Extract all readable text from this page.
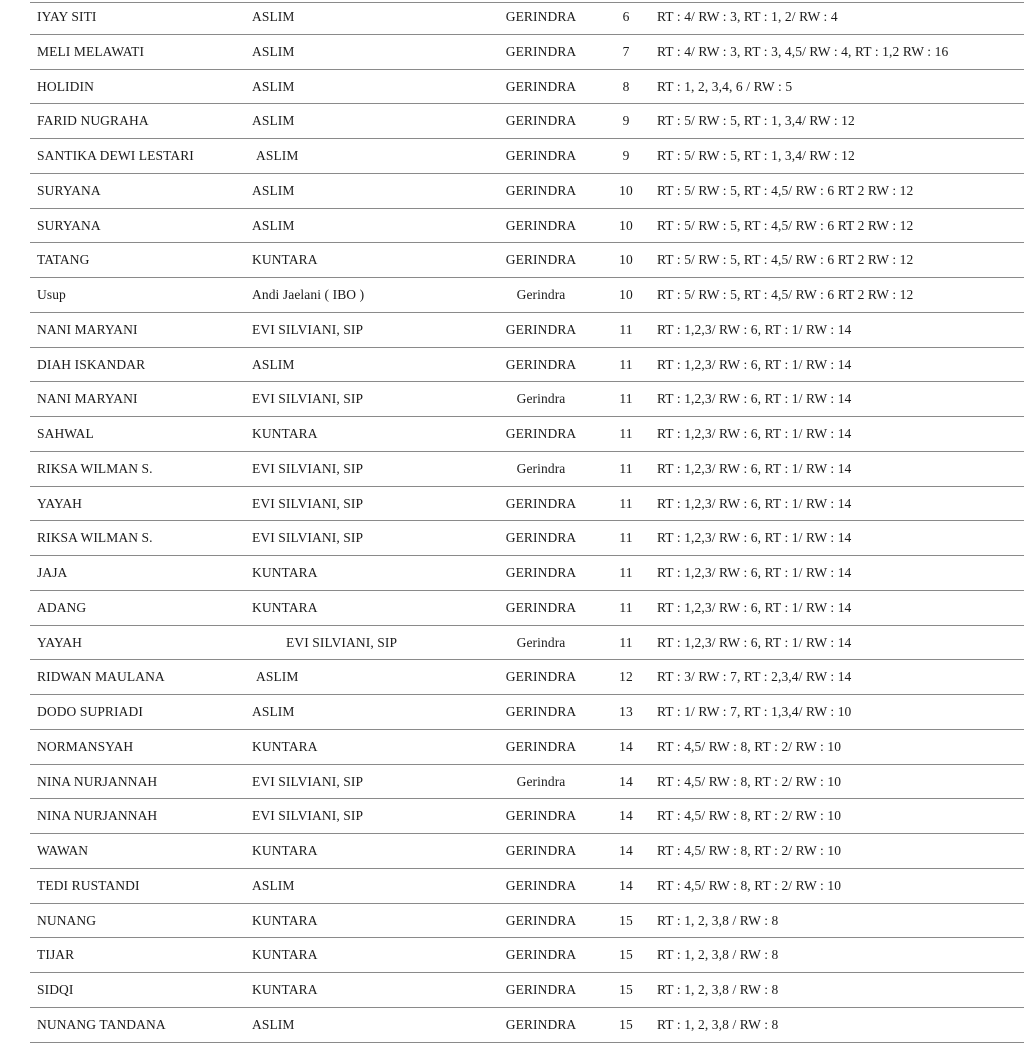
IYAY SITI	ASLIM	GERINDRA	6	RT : 4/ RW : 3, RT : 1, 2/ RW : 4
MELI MELAWATI	ASLIM	GERINDRA	7	RT : 4/ RW : 3, RT : 3, 4,5/ RW : 4, RT : 1,2 RW : 16
HOLIDIN	ASLIM	GERINDRA	8	RT : 1, 2, 3,4, 6 / RW : 5
FARID NUGRAHA	ASLIM	GERINDRA	9	RT : 5/ RW : 5, RT : 1, 3,4/ RW : 12
SANTIKA DEWI LESTARI	ASLIM	GERINDRA	9	RT : 5/ RW : 5, RT : 1, 3,4/ RW : 12
SURYANA	ASLIM	GERINDRA	10 RT : 5/ RW : 5, RT : 4,5/ RW : 6 RT 2 RW : 12
SURYANA	ASLIM	GERINDRA	10 RT : 5/ RW : 5, RT : 4,5/ RW : 6 RT 2 RW : 12
TATANG	KUNTARA	GERINDRA	10 RT : 5/ RW : 5, RT : 4,5/ RW : 6 RT 2 RW : 12
Usup	Andi Jaelani ( IBO )	Gerindra	10 RT : 5/ RW : 5, RT : 4,5/ RW : 6 RT 2 RW : 12
NANI MARYANI	EVI SILVIANI, SIP	GERINDRA	11 RT : 1,2,3/ RW : 6, RT : 1/ RW : 14
DIAH ISKANDAR	ASLIM	GERINDRA	11 RT : 1,2,3/ RW : 6, RT : 1/ RW : 14
NANI MARYANI	EVI SILVIANI, SIP	Gerindra	11 RT : 1,2,3/ RW : 6, RT : 1/ RW : 14
SAHWAL	KUNTARA	GERINDRA	11 RT : 1,2,3/ RW : 6, RT : 1/ RW : 14
RIKSA WILMAN S.	EVI SILVIANI, SIP	Gerindra	11 RT : 1,2,3/ RW : 6, RT : 1/ RW : 14
YAYAH	EVI SILVIANI, SIP	GERINDRA	11 RT : 1,2,3/ RW : 6, RT : 1/ RW : 14
RIKSA WILMAN S.	EVI SILVIANI, SIP	GERINDRA	11 RT : 1,2,3/ RW : 6, RT : 1/ RW : 14
JAJA	KUNTARA	GERINDRA	11 RT : 1,2,3/ RW : 6, RT : 1/ RW : 14
ADANG	KUNTARA	GERINDRA	11 RT : 1,2,3/ RW : 6, RT : 1/ RW : 14
YAYAH	EVI SILVIANI, SIP	Gerindra	11 RT : 1,2,3/ RW : 6, RT : 1/ RW : 14
RIDWAN MAULANA	ASLIM	GERINDRA	12 RT : 3/ RW : 7, RT : 2,3,4/ RW : 14
DODO SUPRIADI	ASLIM	GERINDRA	13 RT : 1/ RW : 7, RT : 1,3,4/ RW : 10
NORMANSYAH	KUNTARA	GERINDRA	14 RT : 4,5/ RW : 8, RT : 2/ RW : 10
NINA NURJANNAH	EVI SILVIANI, SIP	Gerindra	14 RT : 4,5/ RW : 8, RT : 2/ RW : 10
NINA NURJANNAH	EVI SILVIANI, SIP	GERINDRA	14 RT : 4,5/ RW : 8, RT : 2/ RW : 10
WAWAN	KUNTARA	GERINDRA	14 RT : 4,5/ RW : 8, RT : 2/ RW : 10
TEDI RUSTANDI	ASLIM	GERINDRA	14 RT : 4,5/ RW : 8, RT : 2/ RW : 10
NUNANG	KUNTARA	GERINDRA	15 RT : 1, 2, 3,8 / RW : 8
TIJAR	KUNTARA	GERINDRA	15 RT : 1, 2, 3,8 / RW : 8
SIDQI	KUNTARA	GERINDRA	15 RT : 1, 2, 3,8 / RW : 8
NUNANG TANDANA	ASLIM	GERINDRA	15 RT : 1, 2, 3,8 / RW : 8
